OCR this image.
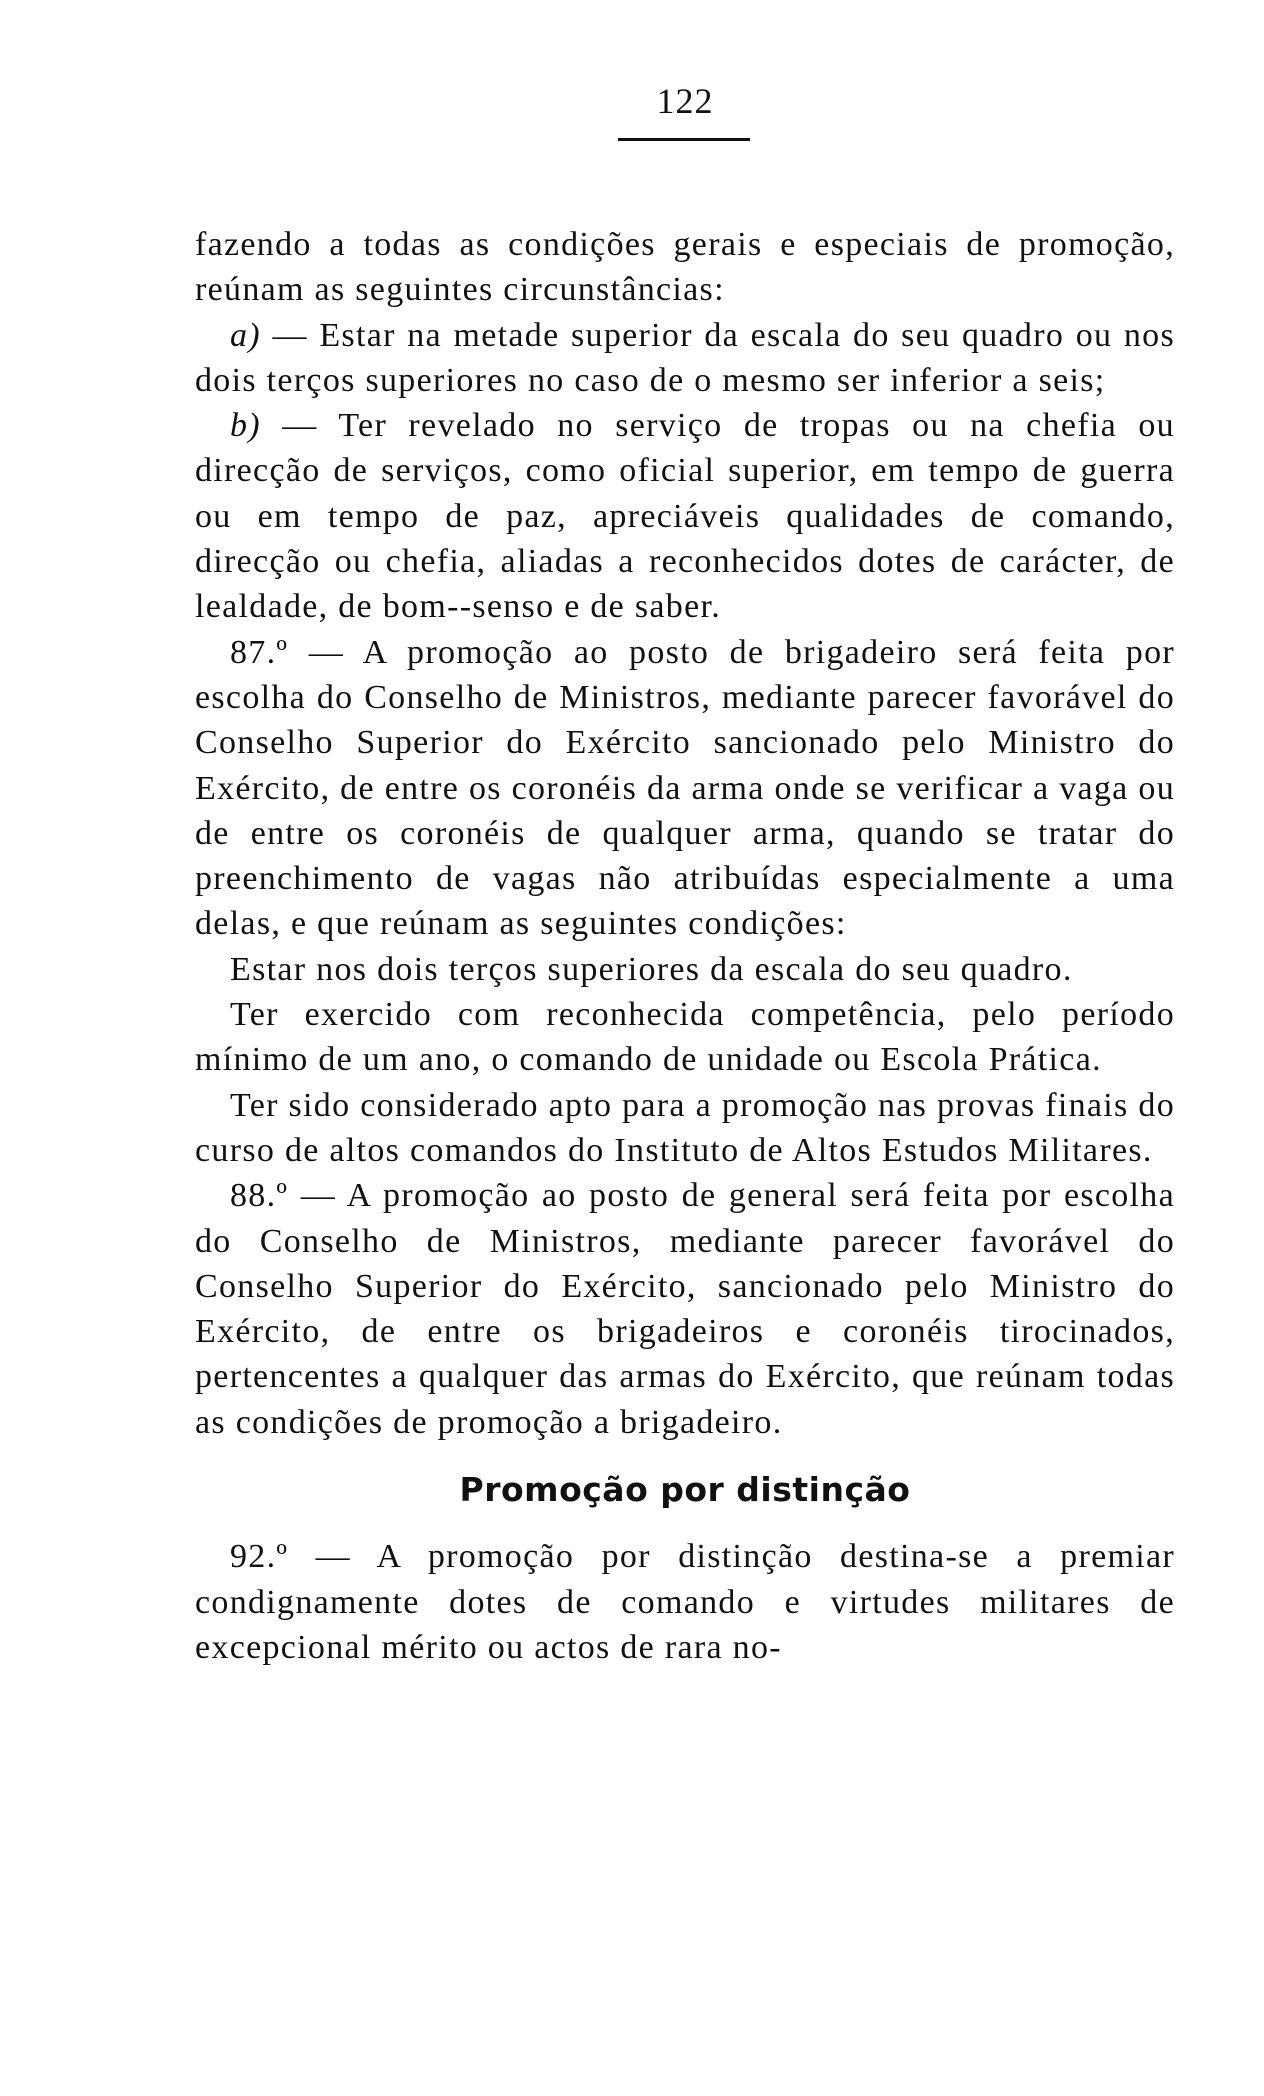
122

fazendo a todas as condições gerais e especiais de promoção, reúnam as seguintes circunstâncias:

a) — Estar na metade superior da escala do seu quadro ou nos dois terços superiores no caso de o mesmo ser inferior a seis;

b) — Ter revelado no serviço de tropas ou na chefia ou direcção de serviços, como oficial superior, em tempo de guerra ou em tempo de paz, apreciáveis qualidades de comando, direcção ou chefia, aliadas a reconhecidos dotes de carácter, de lealdade, de bom--senso e de saber.

87.º — A promoção ao posto de brigadeiro será feita por escolha do Conselho de Ministros, mediante parecer favorável do Conselho Superior do Exército sancionado pelo Ministro do Exército, de entre os coronéis da arma onde se verificar a vaga ou de entre os coronéis de qualquer arma, quando se tratar do preenchimento de vagas não atribuídas especialmente a uma delas, e que reúnam as seguintes condições:

Estar nos dois terços superiores da escala do seu quadro.

Ter exercido com reconhecida competência, pelo período mínimo de um ano, o comando de unidade ou Escola Prática.

Ter sido considerado apto para a promoção nas provas finais do curso de altos comandos do Instituto de Altos Estudos Militares.

88.º — A promoção ao posto de general será feita por escolha do Conselho de Ministros, mediante parecer favorável do Conselho Superior do Exército, sancionado pelo Ministro do Exército, de entre os brigadeiros e coronéis tirocinados, pertencentes a qualquer das armas do Exército, que reúnam todas as condições de promoção a brigadeiro.

Promoção por distinção

92.º — A promoção por distinção destina-se a premiar condignamente dotes de comando e virtudes militares de excepcional mérito ou actos de rara no-
